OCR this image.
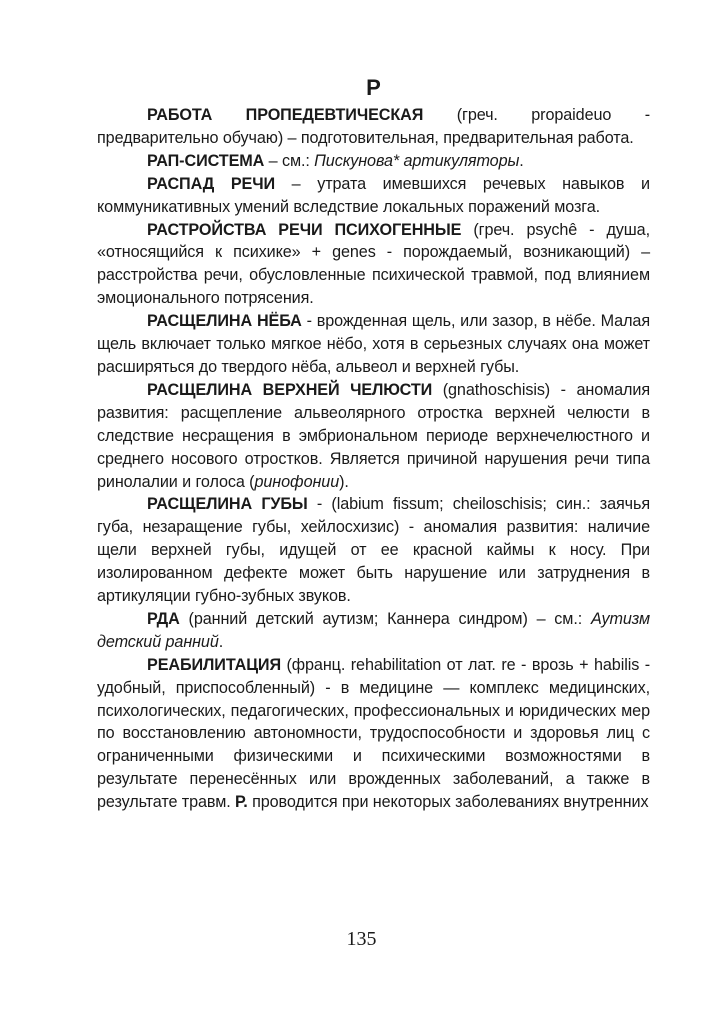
Р

РАБОТА ПРОПЕДЕВТИЧЕСКАЯ (греч. propaideuo - предварительно обучаю) – подготовительная, предварительная работа.

РАП-СИСТЕМА – см.: Пискунова* артикуляторы.

РАСПАД РЕЧИ – утрата имевшихся речевых навыков и коммуникативных умений вследствие локальных поражений мозга.

РАСТРОЙСТВА РЕЧИ ПСИХОГЕННЫЕ (греч. psychê - душа, «относящийся к психике» + genes - порождаемый, возникающий) – расстройства речи, обусловленные психической травмой, под влиянием эмоционального потрясения.

РАСЩЕЛИНА НЁБА - врожденная щель, или зазор, в нёбе. Малая щель включает только мягкое нёбо, хотя в серьезных случаях она может расширяться до твердого нёба, альвеол и верхней губы.

РАСЩЕЛИНА ВЕРХНЕЙ ЧЕЛЮСТИ (gnathoschisis) - аномалия развития: расщепление альвеолярного отростка верхней челюсти в следствие несращения в эмбриональном периоде верхнечелюстного и среднего носового отростков. Является причиной нарушения речи типа ринолалии и голоса (ринофонии).

РАСЩЕЛИНА ГУБЫ - (labium fissum; cheiloschisis; син.: заячья губа, незаращение губы, хейлосхизис) - аномалия развития: наличие щели верхней губы, идущей от ее красной каймы к носу. При изолированном дефекте может быть нарушение или затруднения в артикуляции губно-зубных звуков.

РДА (ранний детский аутизм; Каннера синдром) – см.: Аутизм детский ранний.

РЕАБИЛИТАЦИЯ (франц. rehabilitation от лат. re - врозь + habilis - удобный, приспособленный) - в медицине — комплекс медицинских, психологических, педагогических, профессиональных и юридических мер по восстановлению автономности, трудоспособности и здоровья лиц с ограниченными физическими и психическими возможностями в результате перенесённых или врожденных заболеваний, а также в результате травм. Р. проводится при некоторых заболеваниях внутренних

135
